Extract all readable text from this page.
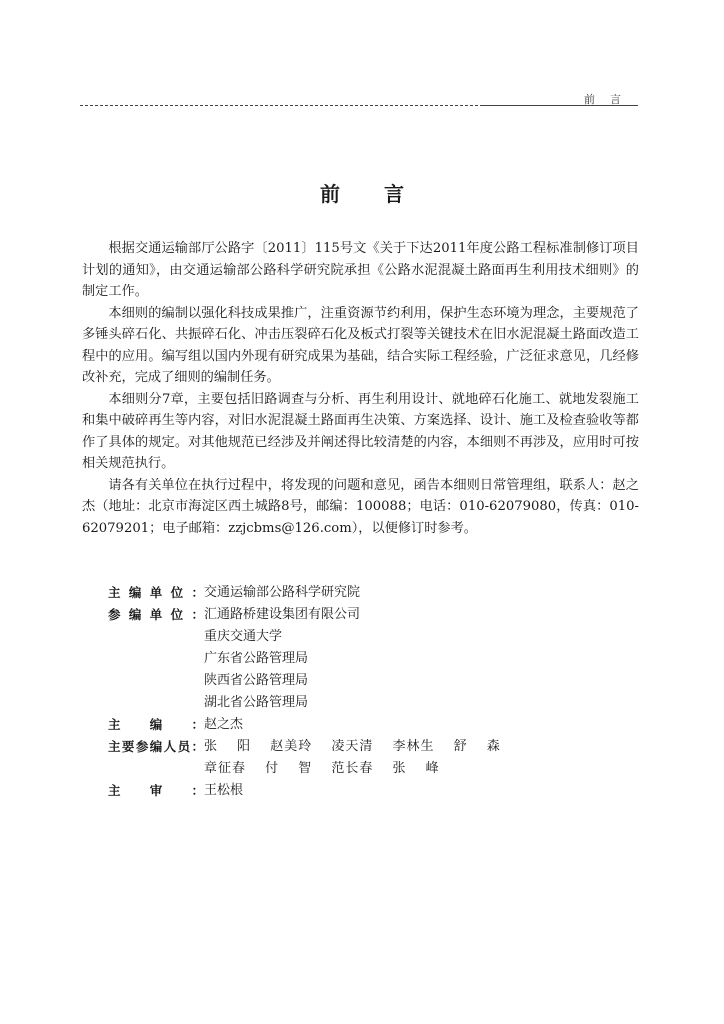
前言
前言

根据交通运输部厅公路字〔2011〕115号文《关于下达2011年度公路工程标准制修订项目计划的通知》，由交通运输部公路科学研究院承担《公路水泥混凝土路面再生利用技术细则》的制定工作。

本细则的编制以强化科技成果推广，注重资源节约利用，保护生态环境为理念，主要规范了多锤头碎石化、共振碎石化、冲击压裂碎石化及板式打裂等关键技术在旧水泥混凝土路面改造工程中的应用。编写组以国内外现有研究成果为基础，结合实际工程经验，广泛征求意见，几经修改补充，完成了细则的编制任务。

本细则分7章，主要包括旧路调查与分析、再生利用设计、就地碎石化施工、就地发裂施工和集中破碎再生等内容，对旧水泥混凝土路面再生决策、方案选择、设计、施工及检查验收等都作了具体的规定。对其他规范已经涉及并阐述得比较清楚的内容，本细则不再涉及，应用时可按相关规范执行。

请各有关单位在执行过程中，将发现的问题和意见，函告本细则日常管理组，联系人：赵之杰（地址：北京市海淀区西土城路8号，邮编：100088；电话：010-62079080，传真：010-62079201；电子邮箱：zzjcbms@126.com），以便修订时参考。

主编单位： 交通运输部公路科学研究院
参编单位： 汇通路桥建设集团有限公司
重庆交通大学
广东省公路管理局
陕西省公路管理局
湖北省公路管理局
主编： 赵之杰
主要参编人员： 张 阳 赵美玲 凌天清 李林生 舒 森
章征春 付 智 范长春 张 峰
主审： 王松根
